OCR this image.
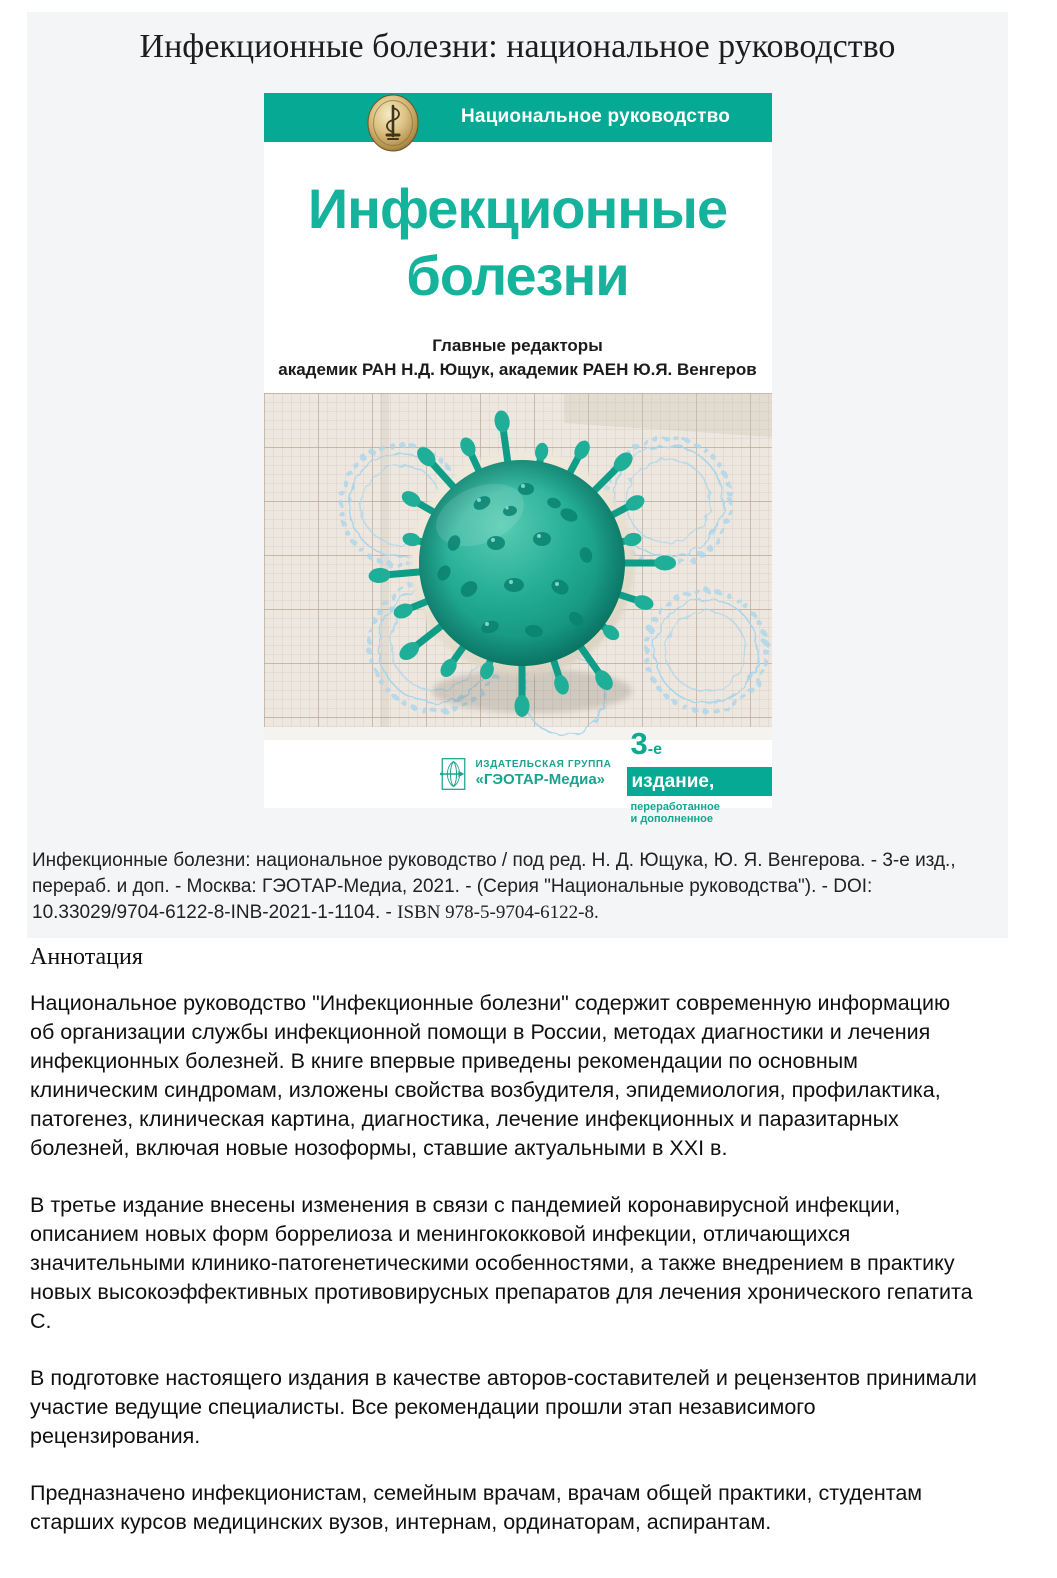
Инфекционные болезни: национальное руководство
Национальное руководство
Инфекционные
болезни
Главные редакторы
академик РАН Н.Д. Ющук, академик РАЕН Ю.Я. Венгеров
ИЗДАТЕЛЬСКАЯ ГРУППА
«ГЭОТАР-Медиа»
3-е
издание,
переработанное
и дополненное

Инфекционные болезни: национальное руководство / под ред. Н. Д. Ющука, Ю. Я. Венгерова. - 3-е изд., перераб. и доп. - Москва: ГЭОТАР-Медиа, 2021. - (Серия "Национальные руководства"). - DOI: 10.33029/9704-6122-8-INB-2021-1-1104. - ISBN 978-5-9704-6122-8.

Аннотация

Национальное руководство "Инфекционные болезни" содержит современную информацию об организации службы инфекционной помощи в России, методах диагностики и лечения инфекционных болезней. В книге впервые приведены рекомендации по основным клиническим синдромам, изложены свойства возбудителя, эпидемиология, профилактика, патогенез, клиническая картина, диагностика, лечение инфекционных и паразитарных болезней, включая новые нозоформы, ставшие актуальными в XXI в.

В третье издание внесены изменения в связи с пандемией коронавирусной инфекции, описанием новых форм боррелиоза и менингококковой инфекции, отличающихся значительными клинико-патогенетическими особенностями, а также внедрением в практику новых высокоэффективных противовирусных препаратов для лечения хронического гепатита C.

В подготовке настоящего издания в качестве авторов-составителей и рецензентов принимали участие ведущие специалисты. Все рекомендации прошли этап независимого рецензирования.

Предназначено инфекционистам, семейным врачам, врачам общей практики, студентам старших курсов медицинских вузов, интернам, ординаторам, аспирантам.
